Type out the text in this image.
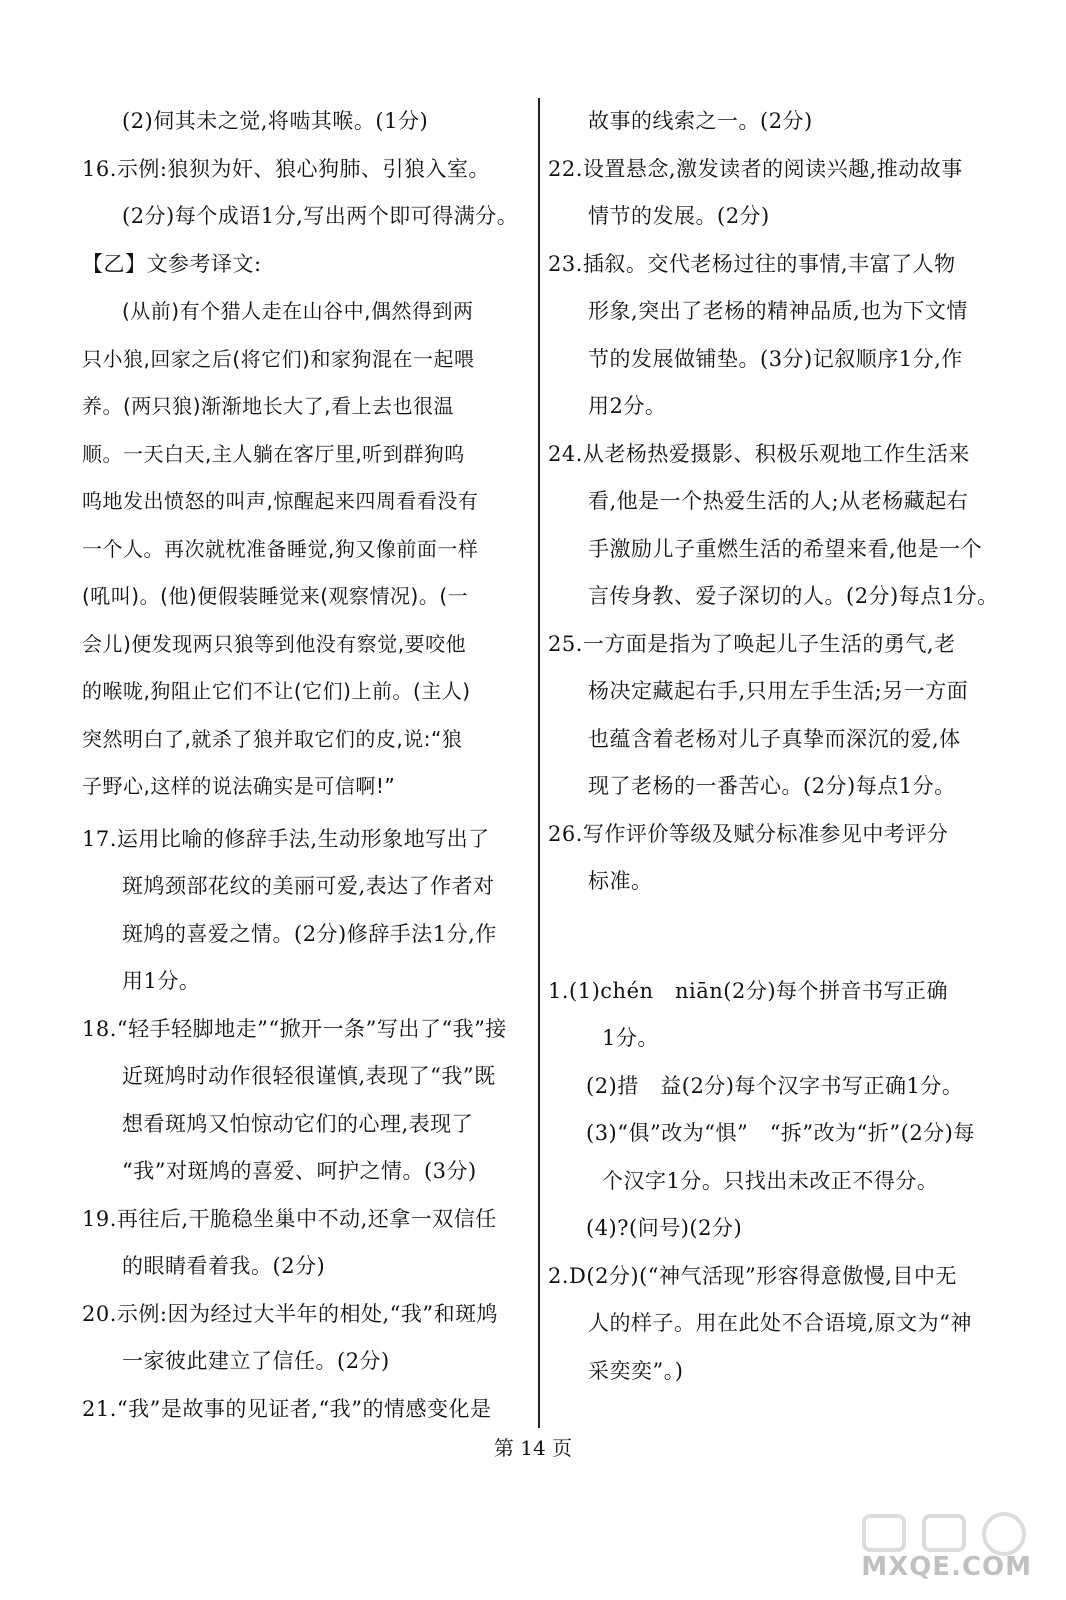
(2)伺其未之觉,将啮其喉。(1分)
16.示例:狼狈为奸、狼心狗肺、引狼入室。
(2分)每个成语1分,写出两个即可得满分。
【乙】文参考译文:
(从前)有个猎人走在山谷中,偶然得到两
只小狼,回家之后(将它们)和家狗混在一起喂
养。(两只狼)渐渐地长大了,看上去也很温
顺。一天白天,主人躺在客厅里,听到群狗呜
呜地发出愤怒的叫声,惊醒起来四周看看没有
一个人。再次就枕准备睡觉,狗又像前面一样
(吼叫)。(他)便假装睡觉来(观察情况)。(一
会儿)便发现两只狼等到他没有察觉,要咬他
的喉咙,狗阻止它们不让(它们)上前。(主人)
突然明白了,就杀了狼并取它们的皮,说:“狼
子野心,这样的说法确实是可信啊!”
17.运用比喻的修辞手法,生动形象地写出了
斑鸠颈部花纹的美丽可爱,表达了作者对
斑鸠的喜爱之情。(2分)修辞手法1分,作
用1分。
18.“轻手轻脚地走”“掀开一条”写出了“我”接
近斑鸠时动作很轻很谨慎,表现了“我”既
想看斑鸠又怕惊动它们的心理,表现了
“我”对斑鸠的喜爱、呵护之情。(3分)
19.再往后,干脆稳坐巢中不动,还拿一双信任
的眼睛看着我。(2分)
20.示例:因为经过大半年的相处,“我”和斑鸠
一家彼此建立了信任。(2分)
21.“我”是故事的见证者,“我”的情感变化是
故事的线索之一。(2分)
22.设置悬念,激发读者的阅读兴趣,推动故事
情节的发展。(2分)
23.插叙。交代老杨过往的事情,丰富了人物
形象,突出了老杨的精神品质,也为下文情
节的发展做铺垫。(3分)记叙顺序1分,作
用2分。
24.从老杨热爱摄影、积极乐观地工作生活来
看,他是一个热爱生活的人;从老杨藏起右
手激励儿子重燃生活的希望来看,他是一个
言传身教、爱子深切的人。(2分)每点1分。
25.一方面是指为了唤起儿子生活的勇气,老
杨决定藏起右手,只用左手生活;另一方面
也蕴含着老杨对儿子真挚而深沉的爱,体
现了老杨的一番苦心。(2分)每点1分。
26.写作评价等级及赋分标准参见中考评分
标准。
1.(1)chén　niān(2分)每个拼音书写正确
1分。
(2)措　益(2分)每个汉字书写正确1分。
(3)“俱”改为“惧”　“拆”改为“折”(2分)每
个汉字1分。只找出未改正不得分。
(4)?(问号)(2分)
2.D(2分)(“神气活现”形容得意傲慢,目中无
人的样子。用在此处不合语境,原文为“神
采奕奕”。)
第 14 页
MXQE.COM
